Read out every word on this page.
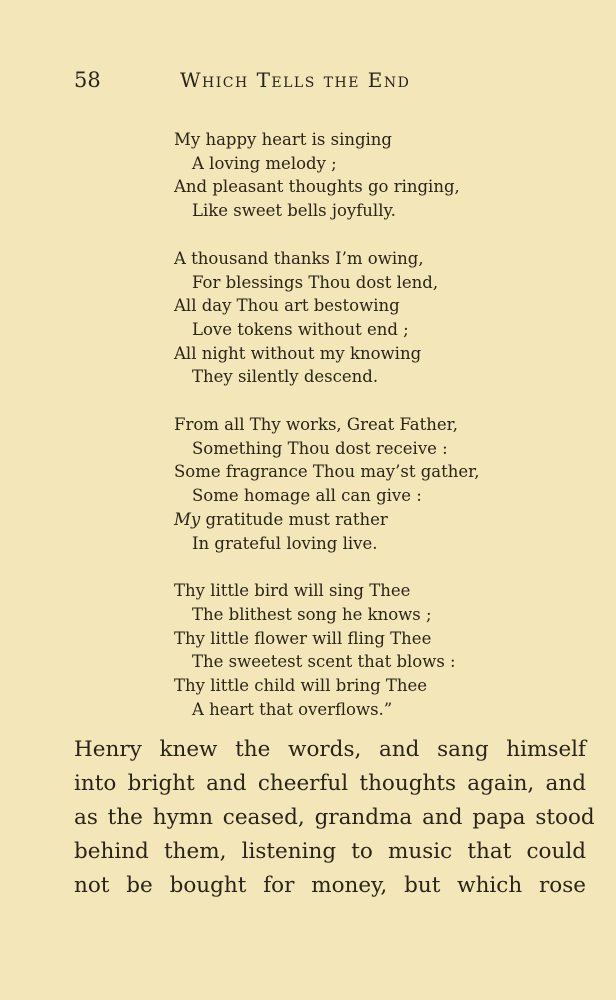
58	Which Tells the End
My happy heart is singing
A loving melody ;
And pleasant thoughts go ringing,
Like sweet bells joyfully.
A thousand thanks I’m owing,
For blessings Thou dost lend,
All day Thou art bestowing
Love tokens without end ;
All night without my knowing
They silently descend.
From all Thy works, Great Father,
Something Thou dost receive :
Some fragrance Thou may’st gather,
Some homage all can give :
My gratitude must rather
In grateful loving live.
Thy little bird will sing Thee
The blithest song he knows ;
Thy little flower will fling Thee
The sweetest scent that blows :
Thy little child will bring Thee
A heart that overflows.”
Henry knew the words, and sang himself
into bright and cheerful thoughts again, and
as the hymn ceased, grandma and papa stood
behind them, listening to music that could
not be bought for money, but which rose
